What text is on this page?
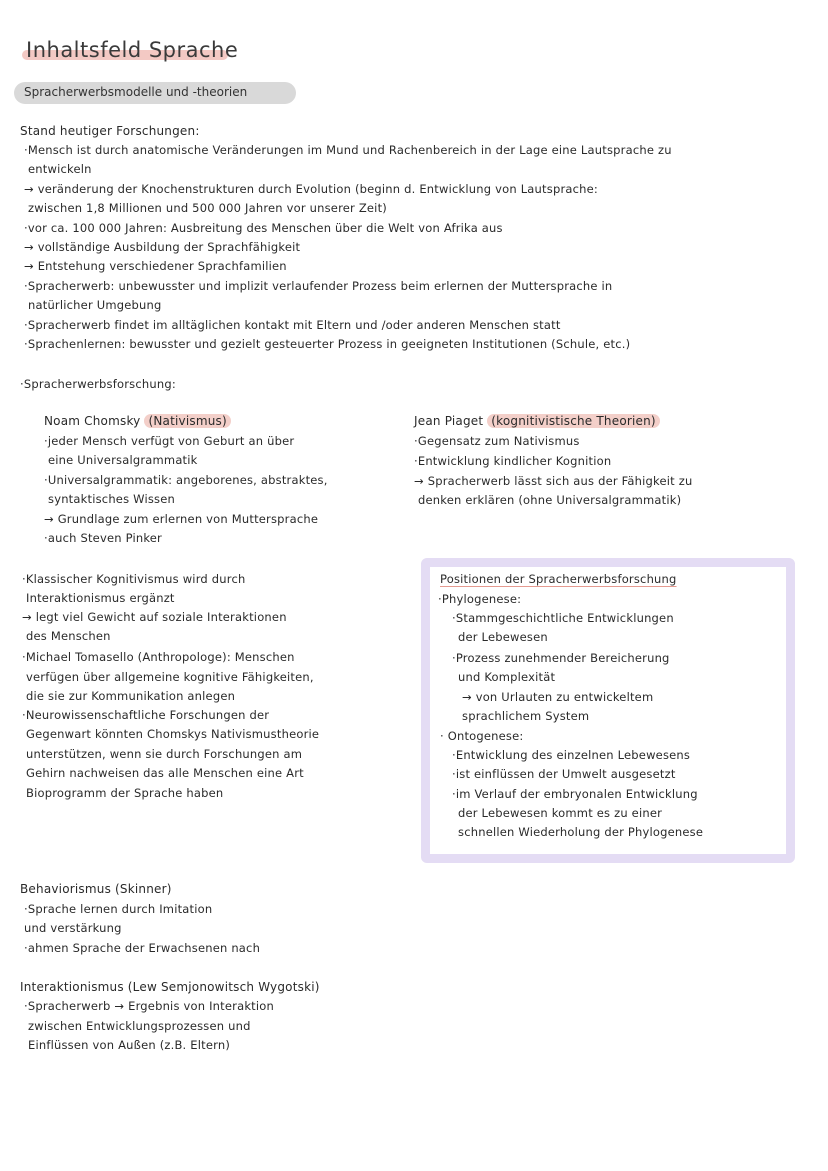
Inhaltsfeld Sprache
Spracherwerbsmodelle und -theorien
Stand heutiger Forschungen:
·Mensch ist durch anatomische Veränderungen im Mund und Rachenbereich in der Lage eine Lautsprache zu
entwickeln
→ veränderung der Knochenstrukturen durch Evolution (beginn d. Entwicklung von Lautsprache:
zwischen 1,8 Millionen und 500 000 Jahren vor unserer Zeit)
·vor ca. 100 000 Jahren: Ausbreitung des Menschen über die Welt von Afrika aus
→ vollständige Ausbildung der Sprachfähigkeit
→ Entstehung verschiedener Sprachfamilien
·Spracherwerb: unbewusster und implizit verlaufender Prozess beim erlernen der Muttersprache in
natürlicher Umgebung
·Spracherwerb findet im alltäglichen kontakt mit Eltern und /oder anderen Menschen statt
·Sprachenlernen: bewusster und gezielt gesteuerter Prozess in geeigneten Institutionen (Schule, etc.)
·Spracherwerbsforschung:
Noam Chomsky (Nativismus)
·jeder Mensch verfügt von Geburt an über
eine Universalgrammatik
·Universalgrammatik: angeborenes, abstraktes,
syntaktisches Wissen
→ Grundlage zum erlernen von Muttersprache
·auch Steven Pinker
Jean Piaget (kognitivistische Theorien)
·Gegensatz zum Nativismus
·Entwicklung kindlicher Kognition
→ Spracherwerb lässt sich aus der Fähigkeit zu
denken erklären (ohne Universalgrammatik)
·Klassischer Kognitivismus wird durch
Interaktionismus ergänzt
→ legt viel Gewicht auf soziale Interaktionen
des Menschen
·Michael Tomasello (Anthropologe): Menschen
verfügen über allgemeine kognitive Fähigkeiten,
die sie zur Kommunikation anlegen
·Neurowissenschaftliche Forschungen der
Gegenwart könnten Chomskys Nativismustheorie
unterstützen, wenn sie durch Forschungen am
Gehirn nachweisen das alle Menschen eine Art
Bioprogramm der Sprache haben
Positionen der Spracherwerbsforschung
·Phylogenese:
·Stammgeschichtliche Entwicklungen
der Lebewesen
·Prozess zunehmender Bereicherung
und Komplexität
→ von Urlauten zu entwickeltem
sprachlichem System
· Ontogenese:
·Entwicklung des einzelnen Lebewesens
·ist einflüssen der Umwelt ausgesetzt
·im Verlauf der embryonalen Entwicklung
der Lebewesen kommt es zu einer
schnellen Wiederholung der Phylogenese
Behaviorismus (Skinner)
·Sprache lernen durch Imitation
und verstärkung
·ahmen Sprache der Erwachsenen nach
Interaktionismus (Lew Semjonowitsch Wygotski)
·Spracherwerb → Ergebnis von Interaktion
zwischen Entwicklungsprozessen und
Einflüssen von Außen (z.B. Eltern)
